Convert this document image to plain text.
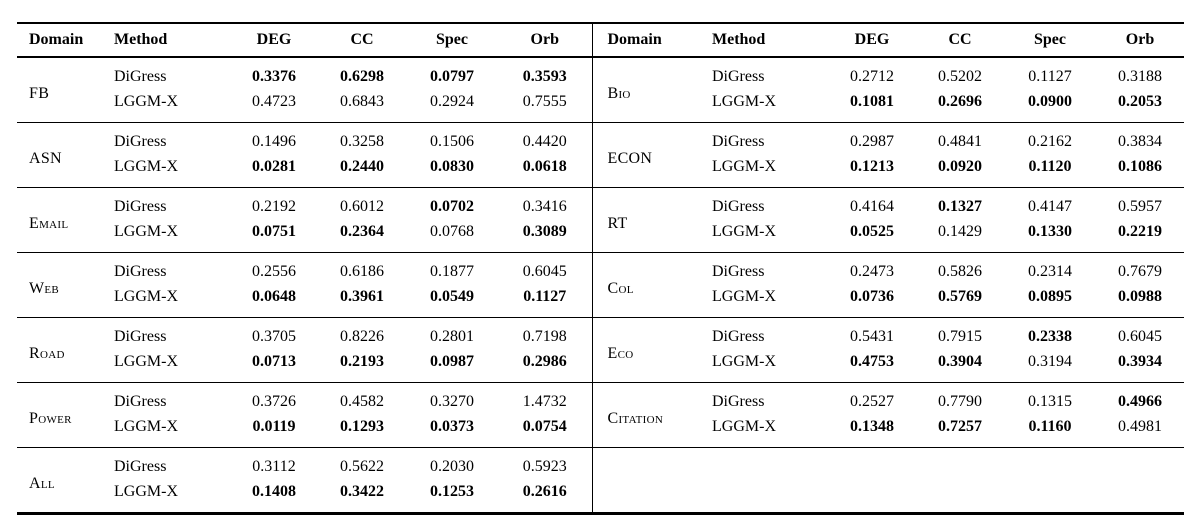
Domain	Method	DEG	CC	Spec	Orb	Domain	Method	DEG	CC	Spec	Orb
FB	DiGress	0.3376	0.6298	0.0797	0.3593	Bio	DiGress	0.2712	0.5202	0.1127	0.3188
	LGGM-X	0.4723	0.6843	0.2924	0.7555		LGGM-X	0.1081	0.2696	0.0900	0.2053
ASN	DiGress	0.1496	0.3258	0.1506	0.4420	ECON	DiGress	0.2987	0.4841	0.2162	0.3834
	LGGM-X	0.0281	0.2440	0.0830	0.0618		LGGM-X	0.1213	0.0920	0.1120	0.1086
Email	DiGress	0.2192	0.6012	0.0702	0.3416	RT	DiGress	0.4164	0.1327	0.4147	0.5957
	LGGM-X	0.0751	0.2364	0.0768	0.3089		LGGM-X	0.0525	0.1429	0.1330	0.2219
Web	DiGress	0.2556	0.6186	0.1877	0.6045	Col	DiGress	0.2473	0.5826	0.2314	0.7679
	LGGM-X	0.0648	0.3961	0.0549	0.1127		LGGM-X	0.0736	0.5769	0.0895	0.0988
Road	DiGress	0.3705	0.8226	0.2801	0.7198	Eco	DiGress	0.5431	0.7915	0.2338	0.6045
	LGGM-X	0.0713	0.2193	0.0987	0.2986		LGGM-X	0.4753	0.3904	0.3194	0.3934
Power	DiGress	0.3726	0.4582	0.3270	1.4732	Citation	DiGress	0.2527	0.7790	0.1315	0.4966
	LGGM-X	0.0119	0.1293	0.0373	0.0754		LGGM-X	0.1348	0.7257	0.1160	0.4981
All	DiGress	0.3112	0.5622	0.2030	0.5923						
	LGGM-X	0.1408	0.3422	0.1253	0.2616						
